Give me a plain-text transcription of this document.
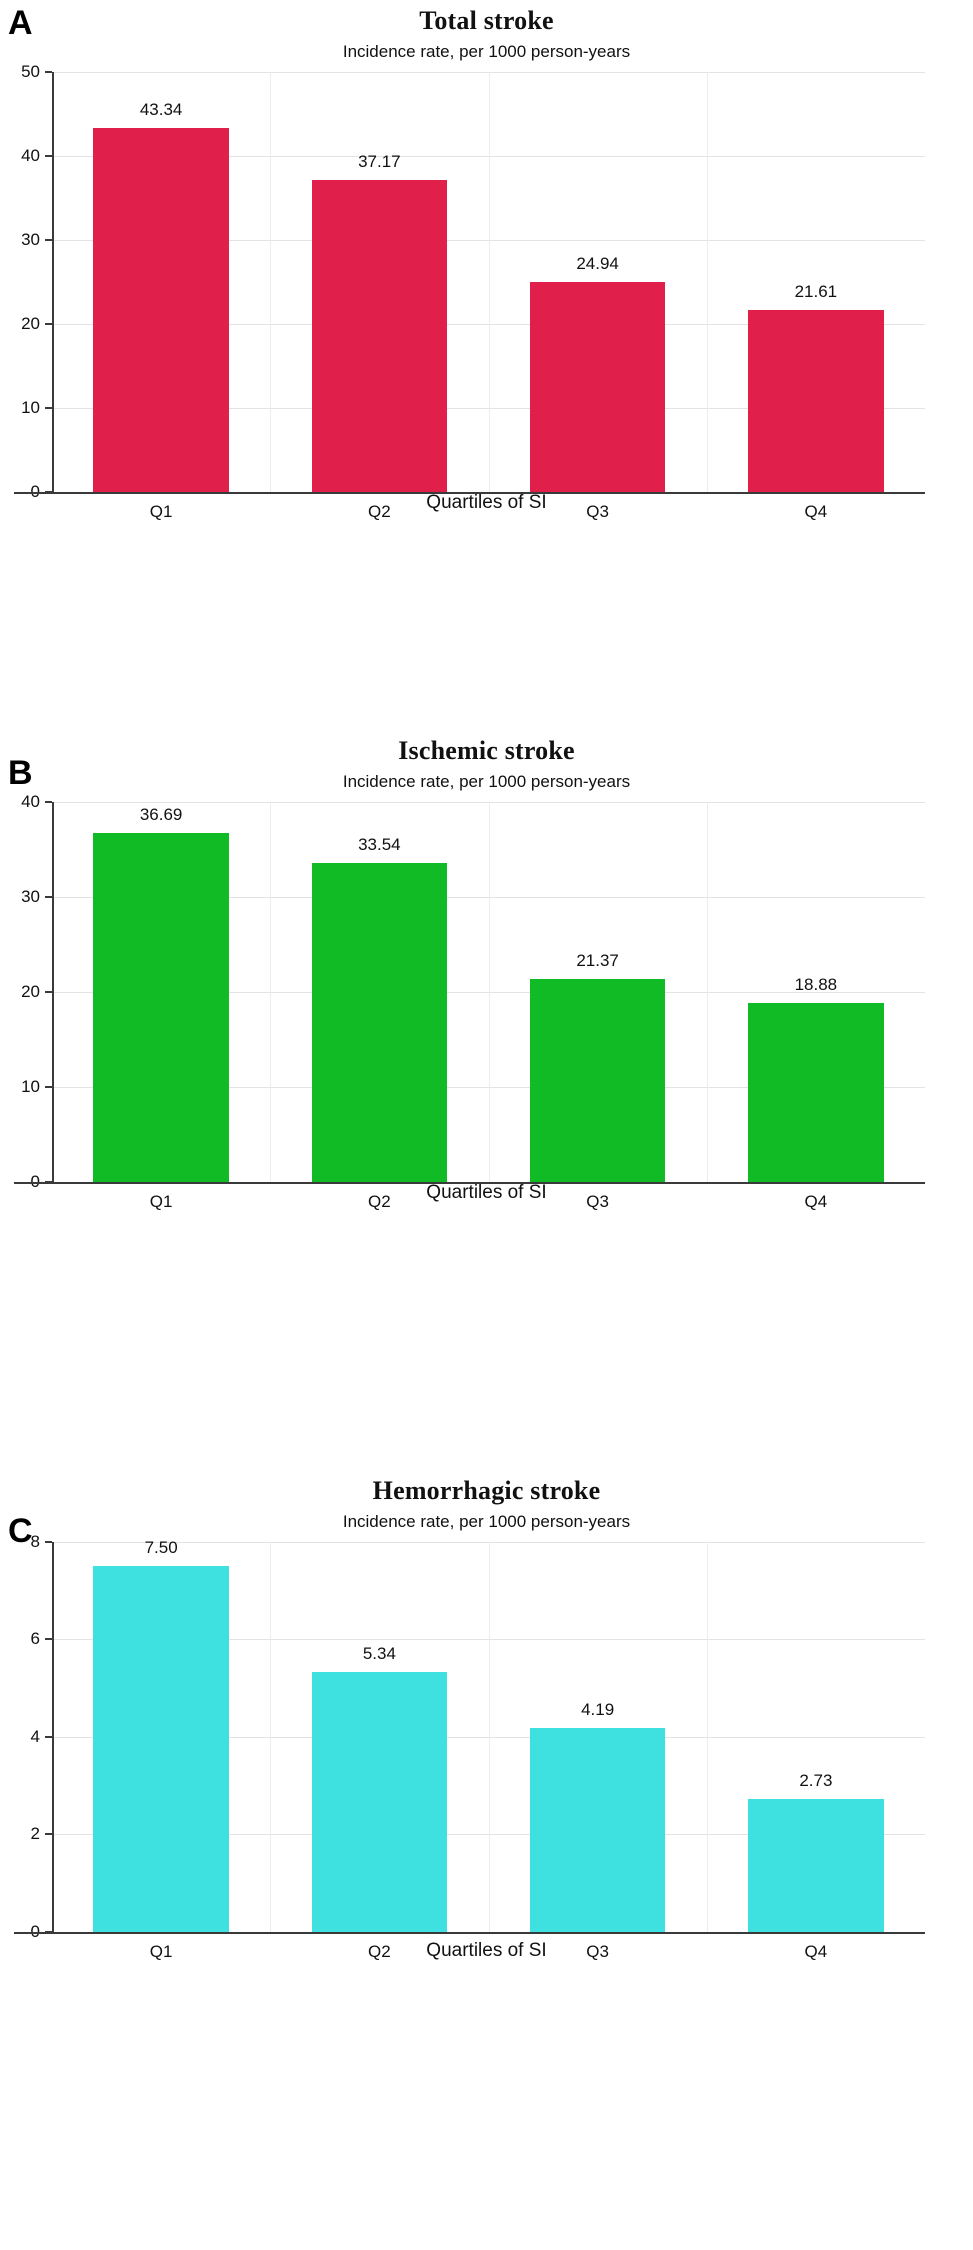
A	Total stroke
Incidence rate, per 1000 person-years
10
20
30
40
50
43.34
Q1
37.17
Q2
24.94
Q3
21.61
Q4
Quartiles of SI
B
Ischemic stroke
Incidence rate, per 1000 person-years
10
20
30
40
36.69
Q1
33.54
Q2
21.37
Q3
18.88
Q4
Quartiles of SI
C
Hemorrhagic stroke
Incidence rate, per 1000 person-years
2
4
6
8	7.50
Q1
5.34
Q2
4.19
Q3
2.73
Q4
Quartiles of SI
